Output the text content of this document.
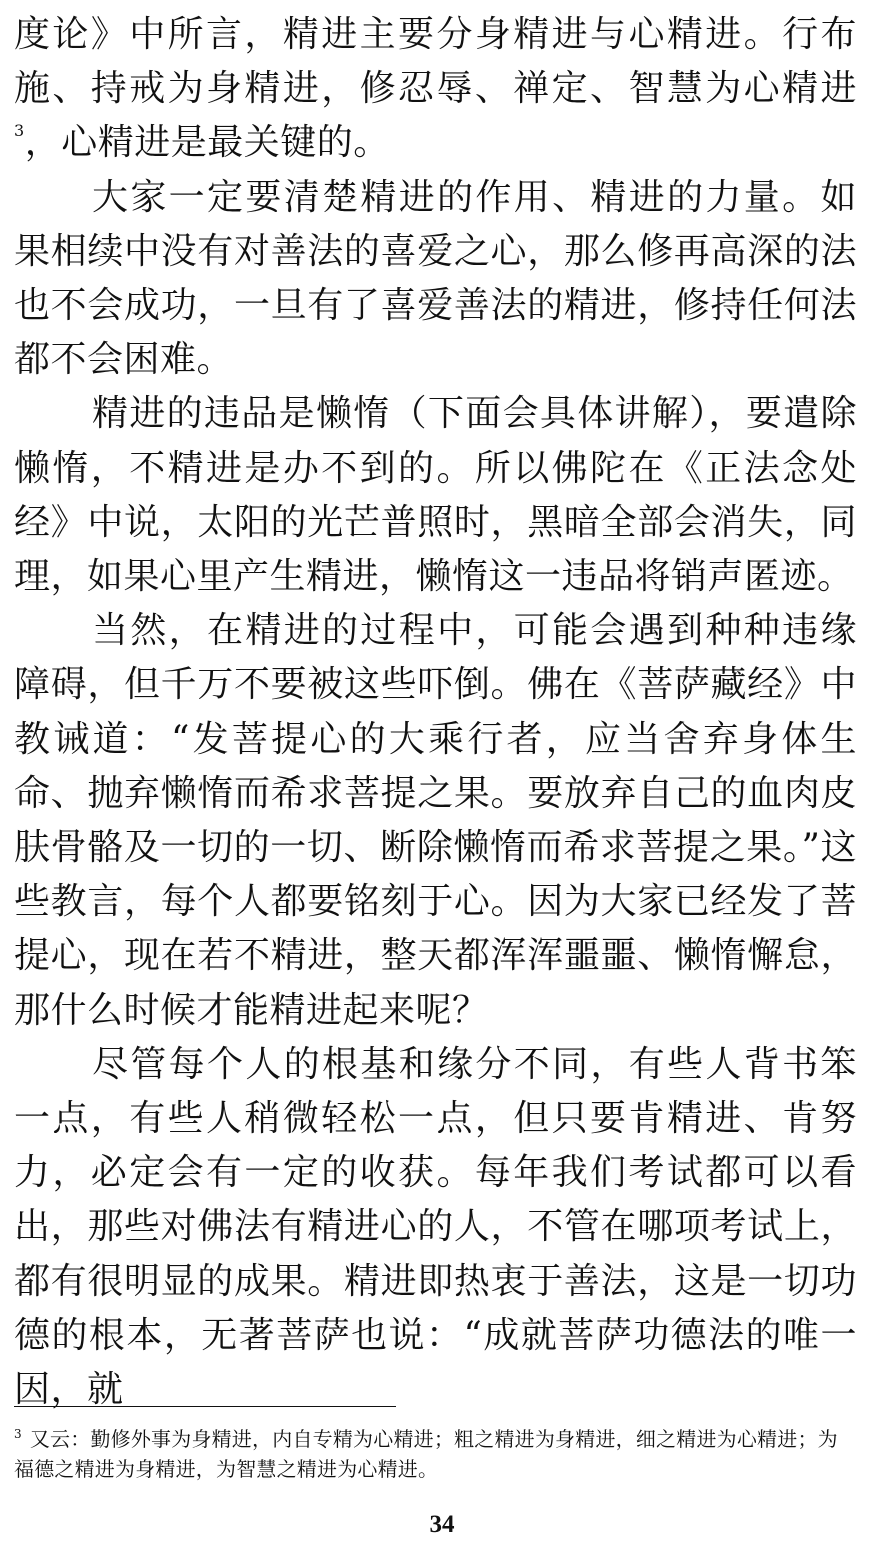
度论》中所言，精进主要分身精进与心精进。行布施、持戒为身精进，修忍辱、禅定、智慧为心精进$^3$，心精进是最关键的。

大家一定要清楚精进的作用、精进的力量。如果相续中没有对善法的喜爱之心，那么修再高深的法也不会成功，一旦有了喜爱善法的精进，修持任何法都不会困难。

精进的违品是懒惰（下面会具体讲解），要遣除懒惰，不精进是办不到的。所以佛陀在《正法念处经》中说，太阳的光芒普照时，黑暗全部会消失，同理，如果心里产生精进，懒惰这一违品将销声匿迹。

当然，在精进的过程中，可能会遇到种种违缘障碍，但千万不要被这些吓倒。佛在《菩萨藏经》中教诫道：“发菩提心的大乘行者，应当舍弃身体生命、抛弃懒惰而希求菩提之果。要放弃自己的血肉皮肤骨骼及一切的一切、断除懒惰而希求菩提之果。”这些教言，每个人都要铭刻于心。因为大家已经发了菩提心，现在若不精进，整天都浑浑噩噩、懒惰懈怠，那什么时候才能精进起来呢？

尽管每个人的根基和缘分不同，有些人背书笨一点，有些人稍微轻松一点，但只要肯精进、肯努力，必定会有一定的收获。每年我们考试都可以看出，那些对佛法有精进心的人，不管在哪项考试上，都有很明显的成果。精进即热衷于善法，这是一切功德的根本，无著菩萨也说：“成就菩萨功德法的唯一因，就

$^3$ 又云：勤修外事为身精进，内自专精为心精进；粗之精进为身精进，细之精进为心精进；为福德之精进为身精进，为智慧之精进为心精进。

34
